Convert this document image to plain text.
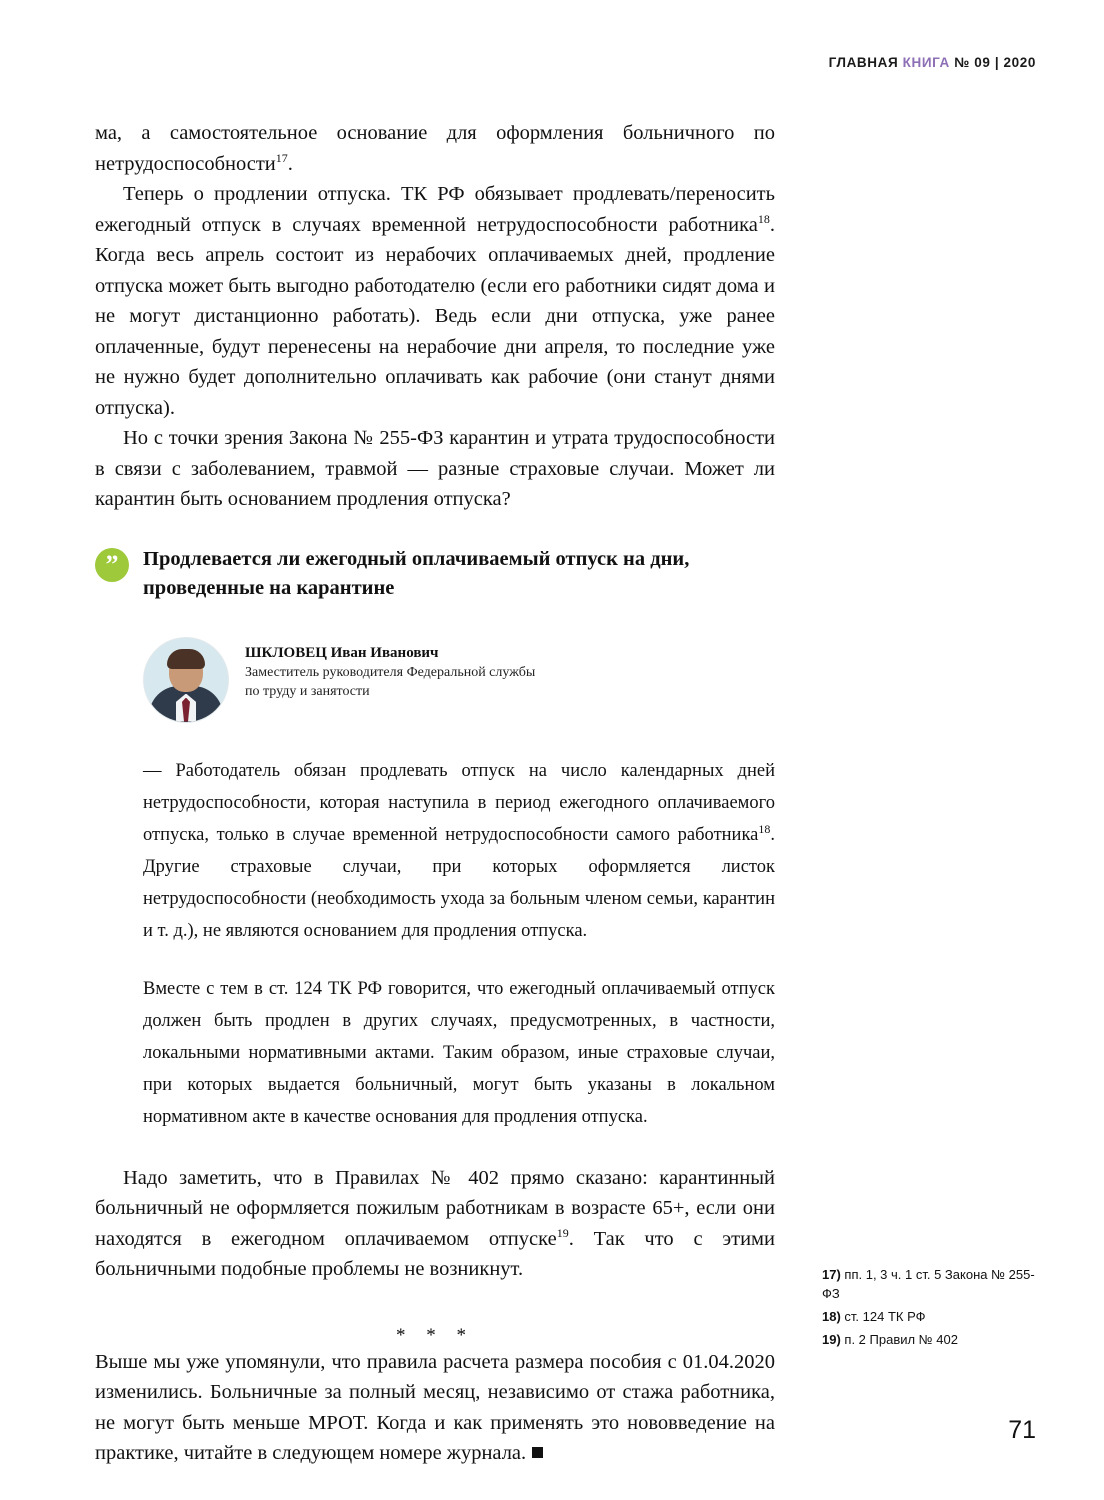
ГЛАВНАЯ КНИГА № 09 | 2020

ма, а самостоятельное основание для оформления больничного по нетрудоспособности$^{17}$.

Теперь о продлении отпуска. ТК РФ обязывает продлевать/переносить ежегодный отпуск в случаях временной нетрудоспособности работника$^{18}$. Когда весь апрель состоит из нерабочих оплачиваемых дней, продление отпуска может быть выгодно работодателю (если его работники сидят дома и не могут дистанционно работать). Ведь если дни отпуска, уже ранее оплаченные, будут перенесены на нерабочие дни апреля, то последние уже не нужно будет дополнительно оплачивать как рабочие (они станут днями отпуска).

Но с точки зрения Закона № 255-ФЗ карантин и утрата трудоспособности в связи с заболеванием, травмой — разные страховые случаи. Может ли карантин быть основанием продления отпуска?

”	Продлевается ли ежегодный оплачиваемый отпуск на дни, проведенные на карантине

ШКЛОВЕЦ Иван Иванович
Заместитель руководителя Федеральной службы
по труду и занятости

— Работодатель обязан продлевать отпуск на число календарных дней нетрудоспособности, которая наступила в период ежегодного оплачиваемого отпуска, только в случае временной нетрудоспособности самого работника$^{18}$. Другие страховые случаи, при которых оформляется листок нетрудоспособности (необходимость ухода за больным членом семьи, карантин и т. д.), не являются основанием для продления отпуска.

Вместе с тем в ст. 124 ТК РФ говорится, что ежегодный оплачиваемый отпуск должен быть продлен в других случаях, предусмотренных, в частности, локальными нормативными актами. Таким образом, иные страховые случаи, при которых выдается больничный, могут быть указаны в локальном нормативном акте в качестве основания для продления отпуска.

Надо заметить, что в Правилах № 402 прямо сказано: карантинный больничный не оформляется пожилым работникам в возрасте 65+, если они находятся в ежегодном оплачиваемом отпуске$^{19}$. Так что с этими больничными подобные проблемы не возникнут.

* * *

Выше мы уже упомянули, что правила расчета размера пособия с 01.04.2020 изменились. Больничные за полный месяц, независимо от стажа работника, не могут быть меньше МРОТ. Когда и как применять это нововведение на практике, читайте в следующем номере журнала.

17) пп. 1, 3 ч. 1 ст. 5 Закона № 255-ФЗ
18) ст. 124 ТК РФ
19) п. 2 Правил № 402
71
